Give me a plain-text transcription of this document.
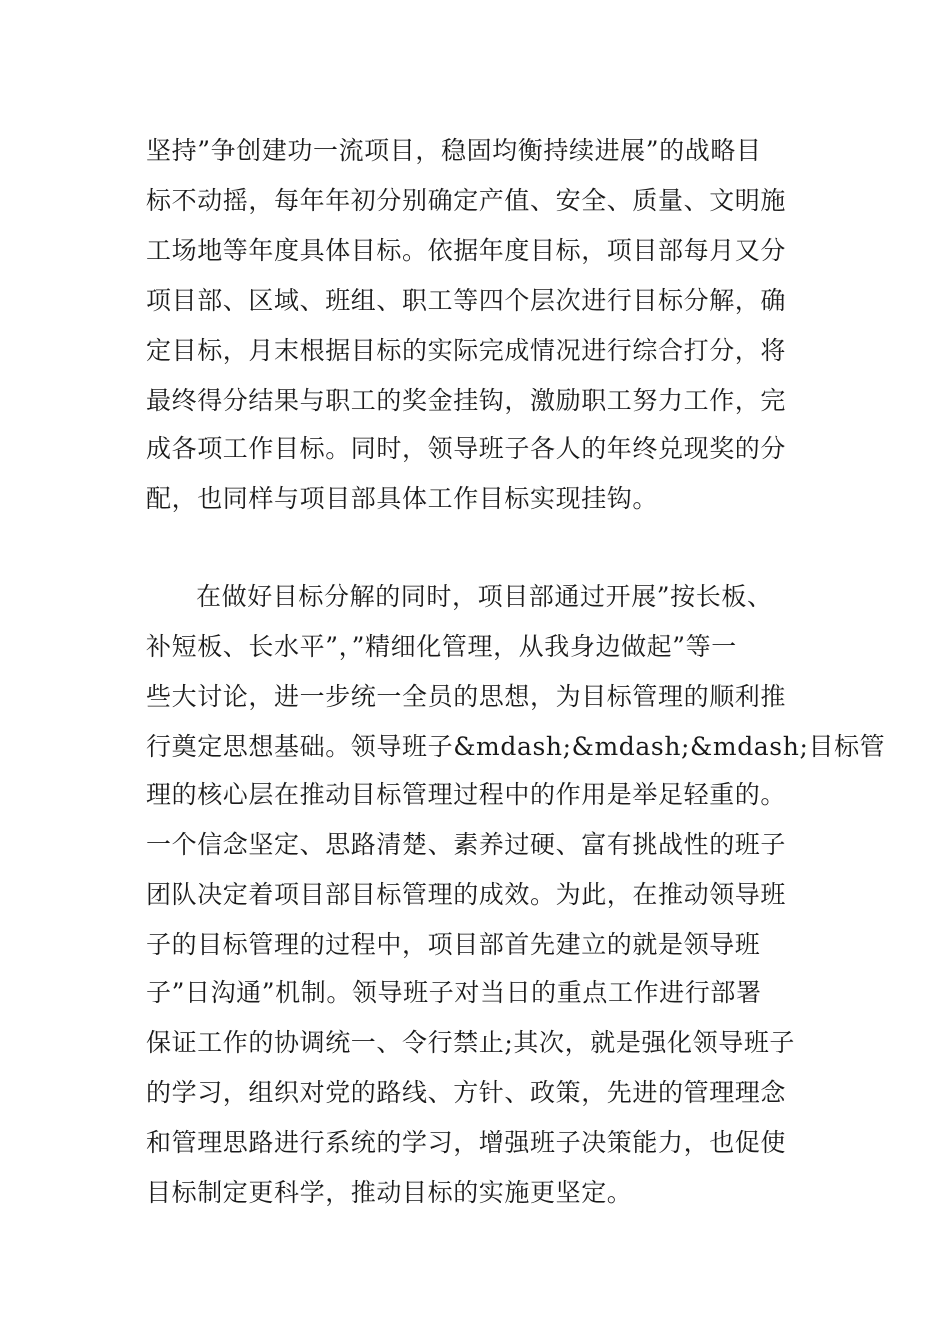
坚持”争创建功一流项目，稳固均衡持续进展”的战略目
标不动摇，每年年初分别确定产值、安全、质量、文明施
工场地等年度具体目标。依据年度目标，项目部每月又分
项目部、区域、班组、职工等四个层次进行目标分解，确
定目标，月末根据目标的实际完成情况进行综合打分，将
最终得分结果与职工的奖金挂钩，激励职工努力工作，完
成各项工作目标。同时，领导班子各人的年终兑现奖的分
配，也同样与项目部具体工作目标实现挂钩。
在做好目标分解的同时，项目部通过开展”按长板、
补短板、长水平”，”精细化管理，从我身边做起”等一
些大讨论，进一步统一全员的思想，为目标管理的顺利推
行奠定思想基础。领导班子&mdash;&mdash;&mdash;目标管
理的核心层在推动目标管理过程中的作用是举足轻重的。
一个信念坚定、思路清楚、素养过硬、富有挑战性的班子
团队决定着项目部目标管理的成效。为此，在推动领导班
子的目标管理的过程中，项目部首先建立的就是领导班
子”日沟通”机制。领导班子对当日的重点工作进行部署
保证工作的协调统一、令行禁止;其次，就是强化领导班子
的学习，组织对党的路线、方针、政策，先进的管理理念
和管理思路进行系统的学习，增强班子决策能力，也促使
目标制定更科学，推动目标的实施更坚定。
